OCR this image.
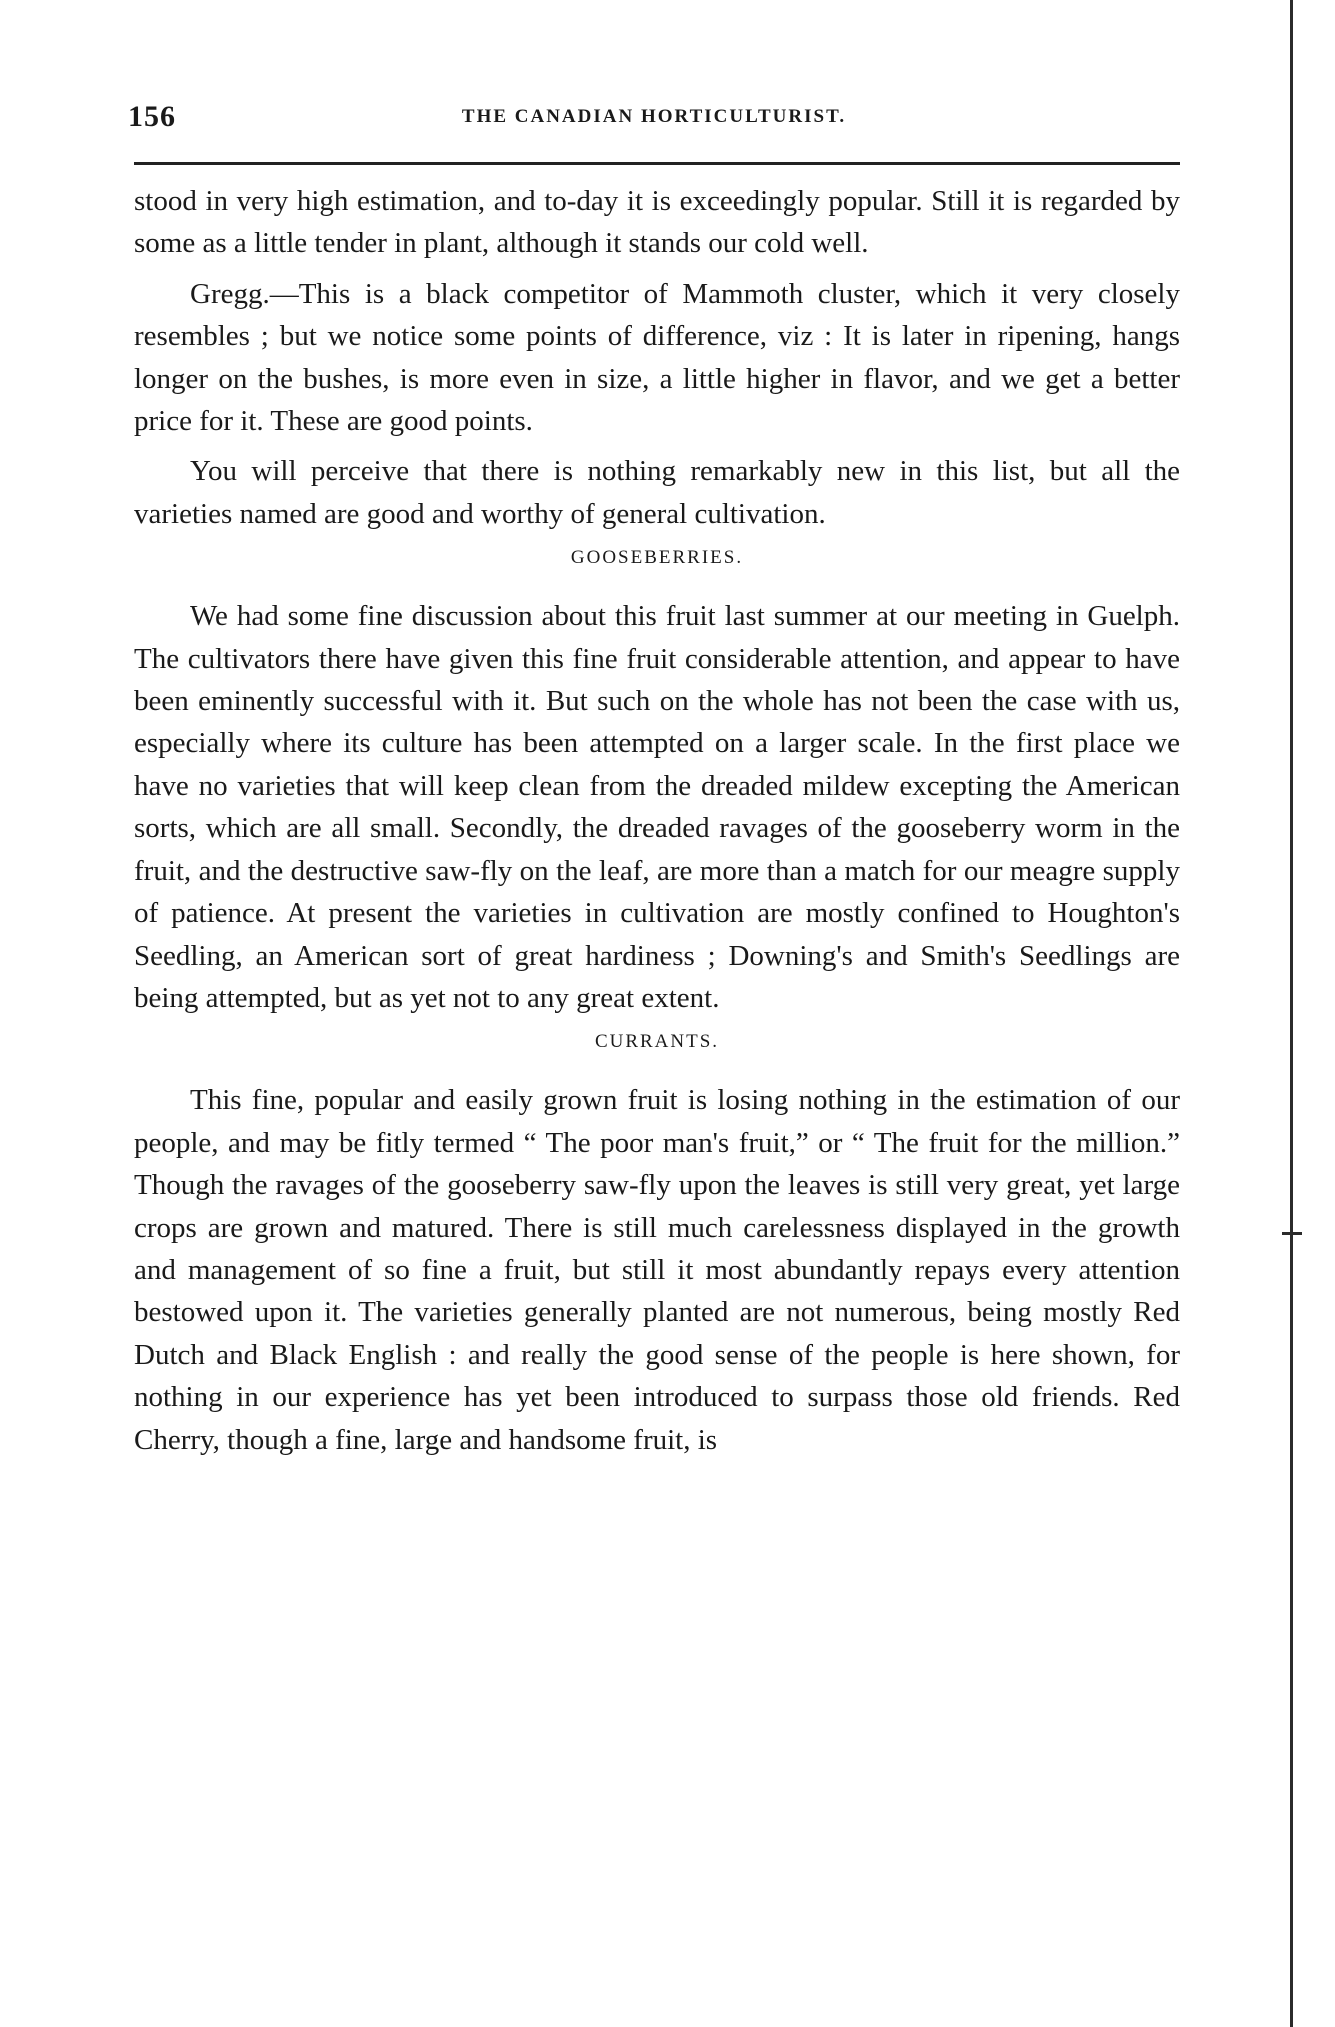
156	THE CANADIAN HORTICULTURIST.

stood in very high estimation, and to-day it is exceedingly popular. Still it is regarded by some as a little tender in plant, although it stands our cold well.

Gregg.—This is a black competitor of Mammoth cluster, which it very closely resembles ; but we notice some points of difference, viz : It is later in ripening, hangs longer on the bushes, is more even in size, a little higher in flavor, and we get a better price for it. These are good points.

You will perceive that there is nothing remarkably new in this list, but all the varieties named are good and worthy of general cultivation.

GOOSEBERRIES.

We had some fine discussion about this fruit last summer at our meeting in Guelph. The cultivators there have given this fine fruit considerable attention, and appear to have been eminently successful with it. But such on the whole has not been the case with us, especially where its culture has been attempted on a larger scale. In the first place we have no varieties that will keep clean from the dreaded mildew excepting the American sorts, which are all small. Secondly, the dreaded ravages of the gooseberry worm in the fruit, and the destructive saw-fly on the leaf, are more than a match for our meagre supply of patience. At present the varieties in cultivation are mostly confined to Houghton's Seedling, an American sort of great hardiness ; Downing's and Smith's Seedlings are being attempted, but as yet not to any great extent.

CURRANTS.

This fine, popular and easily grown fruit is losing nothing in the estimation of our people, and may be fitly termed “ The poor man's fruit,” or “ The fruit for the million.” Though the ravages of the gooseberry saw-fly upon the leaves is still very great, yet large crops are grown and matured. There is still much carelessness displayed in the growth and management of so fine a fruit, but still it most abundantly repays every attention bestowed upon it. The varieties generally planted are not numerous, being mostly Red Dutch and Black English : and really the good sense of the people is here shown, for nothing in our experience has yet been introduced to surpass those old friends. Red Cherry, though a fine, large and handsome fruit, is
